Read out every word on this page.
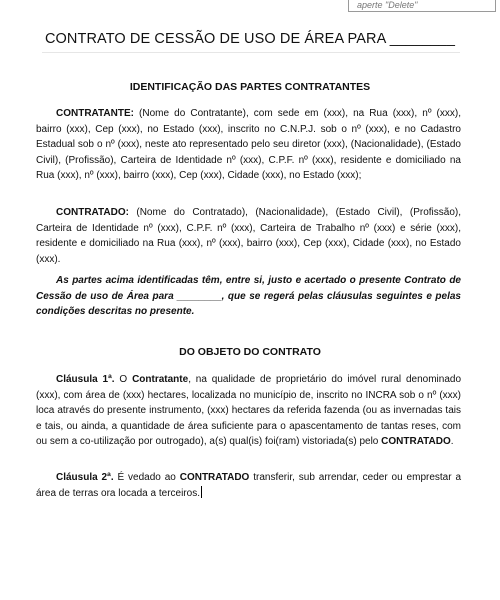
aperte "Delete"
CONTRATO DE CESSÃO DE USO DE ÁREA PARA ________
IDENTIFICAÇÃO DAS PARTES CONTRATANTES

CONTRATANTE: (Nome do Contratante), com sede em (xxx), na Rua (xxx), nº (xxx), bairro (xxx), Cep (xxx), no Estado (xxx), inscrito no C.N.P.J. sob o nº (xxx), e no Cadastro Estadual sob o nº (xxx), neste ato representado pelo seu diretor (xxx), (Nacionalidade), (Estado Civil), (Profissão), Carteira de Identidade nº (xxx), C.P.F. nº (xxx), residente e domiciliado na Rua (xxx), nº (xxx), bairro (xxx), Cep (xxx), Cidade (xxx), no Estado (xxx);

CONTRATADO: (Nome do Contratado), (Nacionalidade), (Estado Civil), (Profissão), Carteira de Identidade nº (xxx), C.P.F. nº (xxx), Carteira de Trabalho nº (xxx) e série (xxx), residente e domiciliado na Rua (xxx), nº (xxx), bairro (xxx), Cep (xxx), Cidade (xxx), no Estado (xxx).

As partes acima identificadas têm, entre si, justo e acertado o presente Contrato de Cessão de uso de Área para ________, que se regerá pelas cláusulas seguintes e pelas condições descritas no presente.

DO OBJETO DO CONTRATO

Cláusula 1ª. O Contratante, na qualidade de proprietário do imóvel rural denominado (xxx), com área de (xxx) hectares, localizada no município de, inscrito no INCRA sob o nº (xxx) loca através do presente instrumento, (xxx) hectares da referida fazenda (ou as invernadas tais e tais, ou ainda, a quantidade de área suficiente para o apascentamento de tantas reses, com ou sem a co-utilização por outrogado), a(s) qual(is) foi(ram) vistoriada(s) pelo CONTRATADO.

Cláusula 2ª. É vedado ao CONTRATADO transferir, sub arrendar, ceder ou emprestar a área de terras ora locada a terceiros.
